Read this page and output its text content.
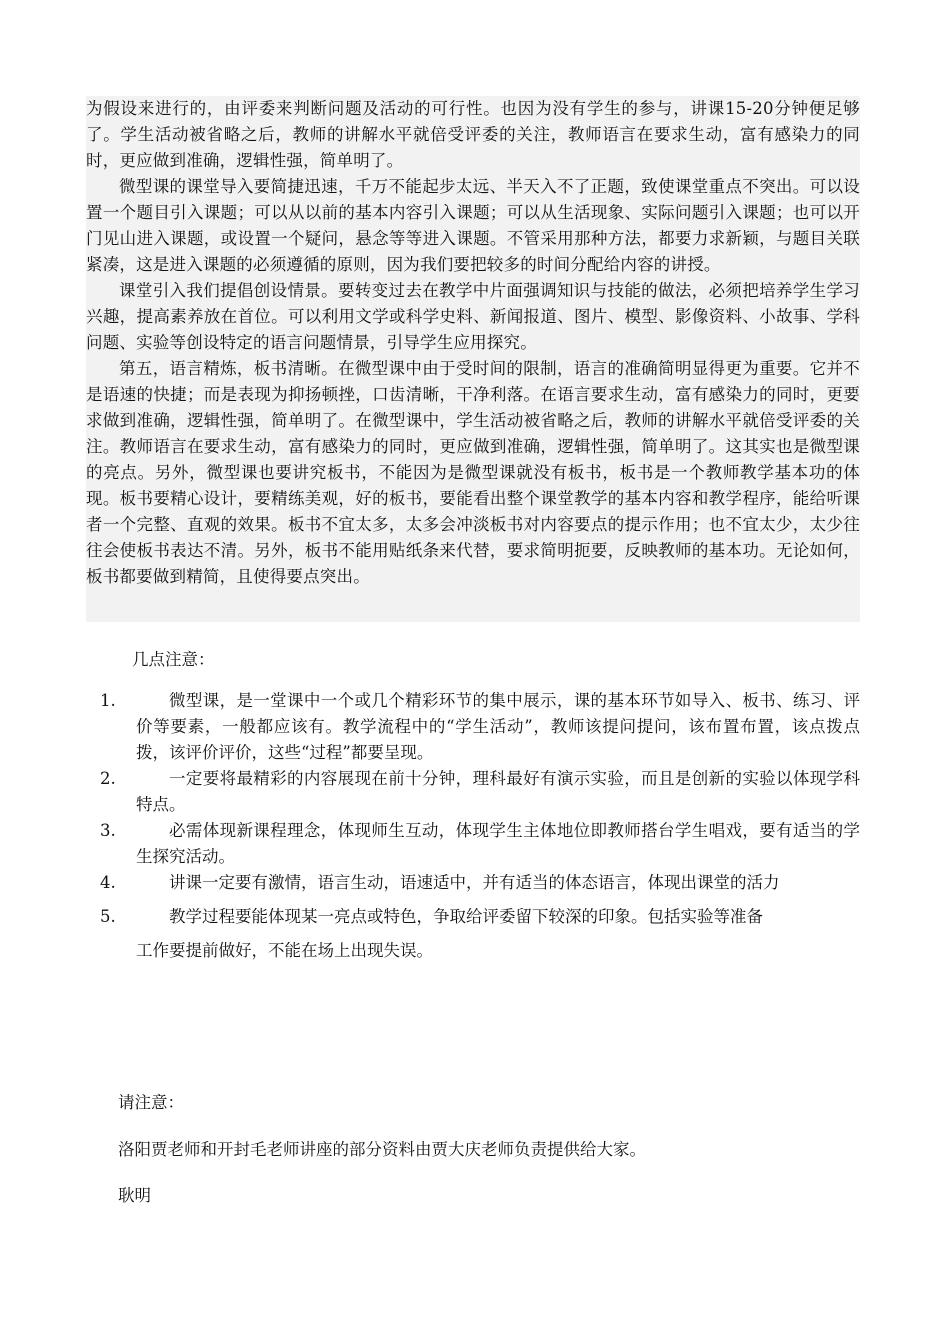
为假设来进行的，由评委来判断问题及活动的可行性。也因为没有学生的参与，讲课15-20分钟便足够了。学生活动被省略之后，教师的讲解水平就倍受评委的关注，教师语言在要求生动，富有感染力的同时，更应做到准确，逻辑性强，简单明了。

微型课的课堂导入要简捷迅速，千万不能起步太远、半天入不了正题，致使课堂重点不突出。可以设置一个题目引入课题；可以从以前的基本内容引入课题；可以从生活现象、实际问题引入课题；也可以开门见山进入课题，或设置一个疑问，悬念等等进入课题。不管采用那种方法，都要力求新颖，与题目关联紧凑，这是进入课题的必须遵循的原则，因为我们要把较多的时间分配给内容的讲授。

课堂引入我们提倡创设情景。要转变过去在教学中片面强调知识与技能的做法，必须把培养学生学习兴趣，提高素养放在首位。可以利用文学或科学史料、新闻报道、图片、模型、影像资料、小故事、学科问题、实验等创设特定的语言问题情景，引导学生应用探究。

第五，语言精炼，板书清晰。在微型课中由于受时间的限制，语言的准确简明显得更为重要。它并不是语速的快捷；而是表现为抑扬顿挫，口齿清晰，干净利落。在语言要求生动，富有感染力的同时，更要求做到准确，逻辑性强，简单明了。在微型课中，学生活动被省略之后，教师的讲解水平就倍受评委的关注。教师语言在要求生动，富有感染力的同时，更应做到准确，逻辑性强，简单明了。这其实也是微型课的亮点。另外，微型课也要讲究板书，不能因为是微型课就没有板书，板书是一个教师教学基本功的体现。板书要精心设计，要精练美观，好的板书，要能看出整个课堂教学的基本内容和教学程序，能给听课者一个完整、直观的效果。板书不宜太多，太多会冲淡板书对内容要点的提示作用；也不宜太少，太少往往会使板书表达不清。另外，板书不能用贴纸条来代替，要求简明扼要，反映教师的基本功。无论如何，板书都要做到精简，且使得要点突出。

几点注意：

1.	微型课，是一堂课中一个或几个精彩环节的集中展示，课的基本环节如导入、板书、练习、评价等要素，一般都应该有。教学流程中的“学生活动”，教师该提问提问，该布置布置，该点拨点拨，该评价评价，这些“过程”都要呈现。
2.	一定要将最精彩的内容展现在前十分钟，理科最好有演示实验，而且是创新的实验以体现学科特点。
3.	必需体现新课程理念，体现师生互动，体现学生主体地位即教师搭台学生唱戏，要有适当的学生探究活动。
4.	讲课一定要有激情，语言生动，语速适中，并有适当的体态语言，体现出课堂的活力
5.	教学过程要能体现某一亮点或特色，争取给评委留下较深的印象。包括实验等准备

工作要提前做好，不能在场上出现失误。

请注意：

洛阳贾老师和开封毛老师讲座的部分资料由贾大庆老师负责提供给大家。

耿明
